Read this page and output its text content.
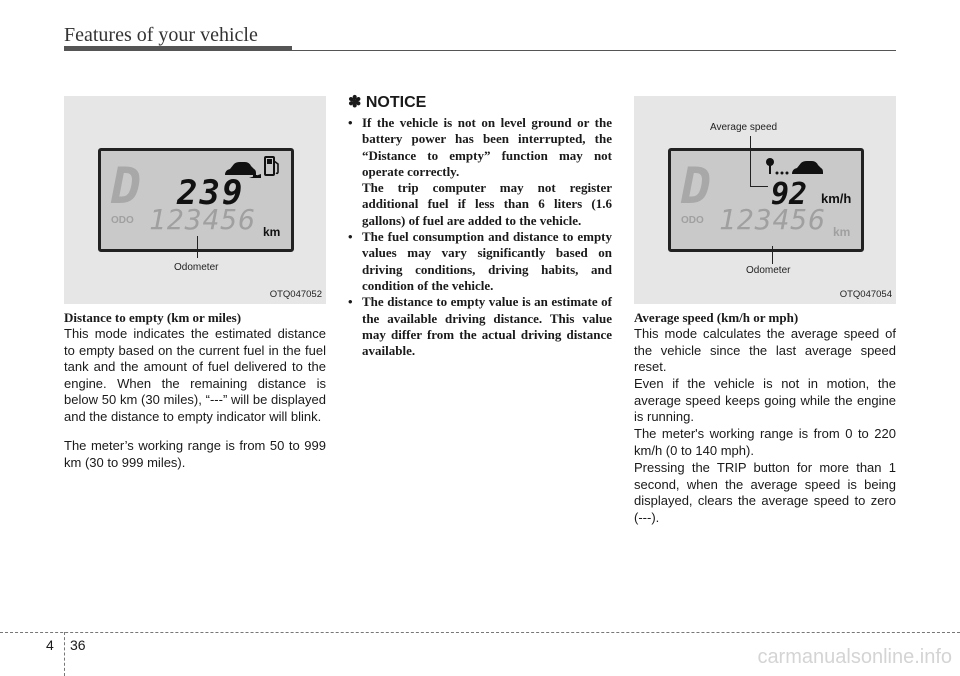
Features of your vehicle
D 239
ODO 123456 km
Odometer
OTQ047052
Distance to empty (km or miles)
This mode indicates the estimated distance to empty based on the current fuel in the fuel tank and the amount of fuel delivered to the engine. When the remaining distance is below 50 km (30 miles), “---” will be displayed and the distance to empty indicator will blink.
The meter’s working range is from 50 to 999 km (30 to 999 miles).
✽ NOTICE
• If the vehicle is not on level ground or the battery power has been interrupted, the “Distance to empty” function may not operate correctly.
The trip computer may not register additional fuel if less than 6 liters (1.6 gallons) of fuel are added to the vehicle.
• The fuel consumption and distance to empty values may vary significantly based on driving conditions, driving habits, and condition of the vehicle.
• The distance to empty value is an estimate of the available driving distance. This value may differ from the actual driving distance available.
D 92 km/h
ODO 123456 km
Average speed
Odometer
OTQ047054
Average speed (km/h or mph)
This mode calculates the average speed of the vehicle since the last average speed reset.
Even if the vehicle is not in motion, the average speed keeps going while the engine is running.
The meter's working range is from 0 to 220 km/h (0 to 140 mph).
Pressing the TRIP button for more than 1 second, when the average speed is being displayed, clears the average speed to zero (---).
4 36
carmanualsonline.info
